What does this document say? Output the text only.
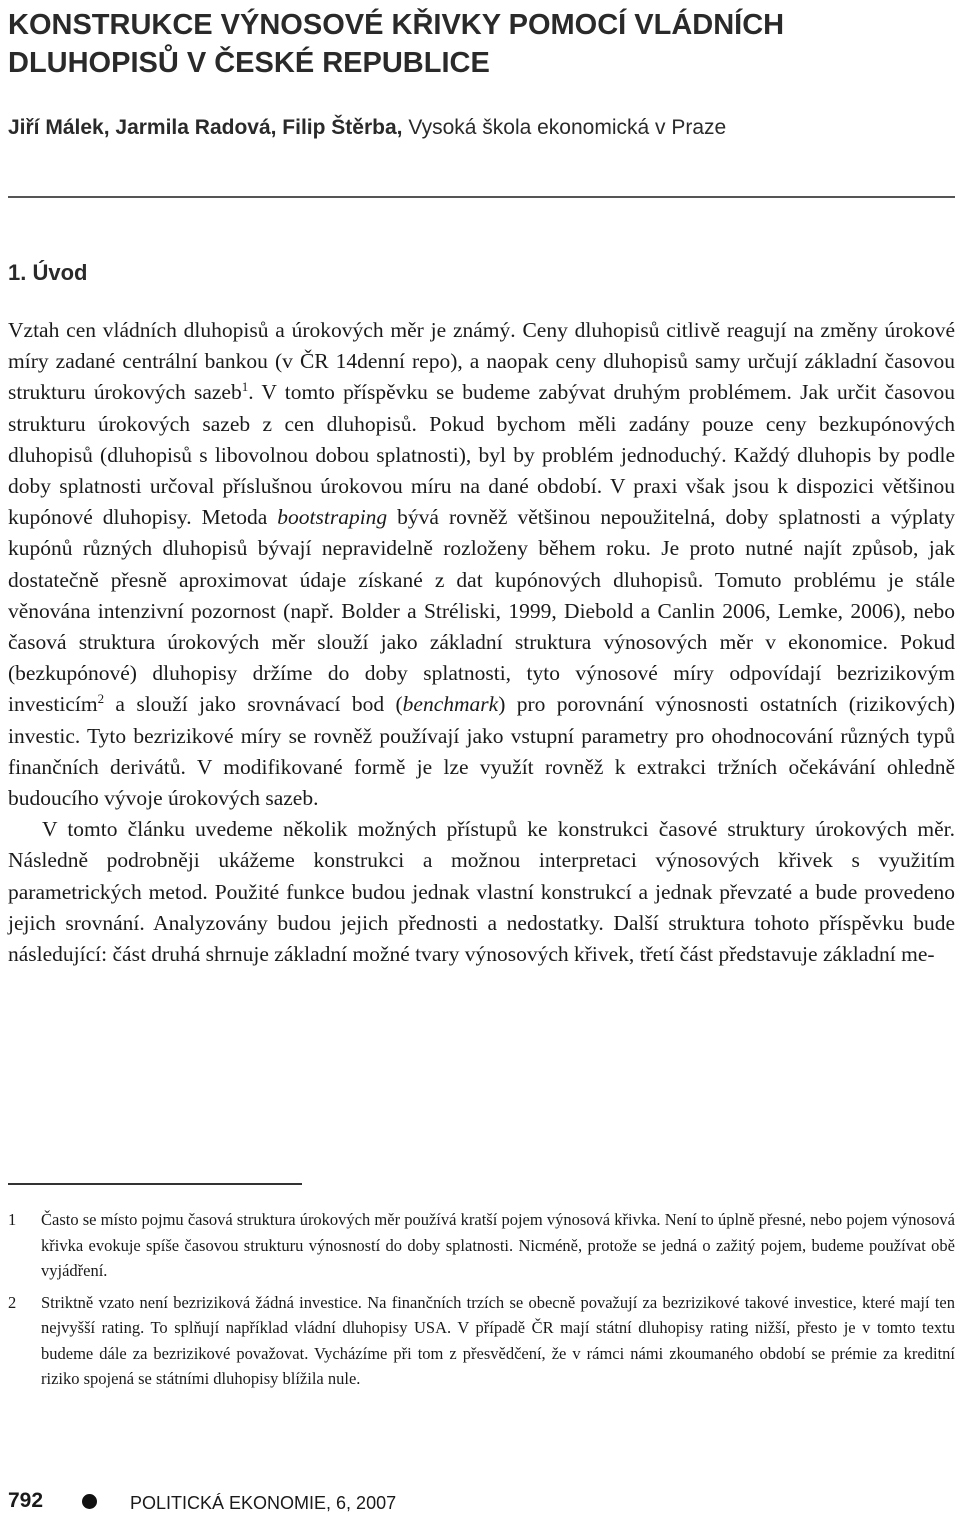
KONSTRUKCE VÝNOSOVÉ KŘIVKY POMOCÍ VLÁDNÍCH
DLUHOPISŮ V ČESKÉ REPUBLICE
Jiří Málek, Jarmila Radová, Filip Štěrba, Vysoká škola ekonomická v Praze
1. Úvod

Vztah cen vládních dluhopisů a úrokových měr je známý. Ceny dluhopisů citlivě reagují na změny úrokové míry zadané centrální bankou (v ČR 14denní repo), a naopak ceny dluhopisů samy určují základní časovou strukturu úrokových sazeb$^1$. V tomto příspěvku se budeme zabývat druhým problémem. Jak určit časovou strukturu úrokových sazeb z cen dluhopisů. Pokud bychom měli zadány pouze ceny bezkupónových dluhopisů (dluhopisů s libovolnou dobou splatnosti), byl by problém jednoduchý. Každý dluhopis by podle doby splatnosti určoval příslušnou úrokovou míru na dané období. V praxi však jsou k dispozici většinou kupónové dluhopisy. Metoda bootstraping bývá rovněž většinou nepoužitelná, doby splatnosti a výplaty kupónů různých dluhopisů bývají nepravidelně rozloženy během roku. Je proto nutné najít způsob, jak dostatečně přesně aproximovat údaje získané z dat kupónových dluhopisů. Tomuto problému je stále věnována intenzivní pozornost (např. Bolder a Stréliski, 1999, Diebold a Canlin 2006, Lemke, 2006), nebo časová struktura úrokových měr slouží jako základní struktura výnosových měr v ekonomice. Pokud (bezkupónové) dluhopisy držíme do doby splatnosti, tyto výnosové míry odpovídají bezrizikovým investicím$^2$ a slouží jako srovnávací bod (benchmark) pro porovnání výnosnosti ostatních (rizikových) investic. Tyto bezrizikové míry se rovněž používají jako vstupní parametry pro ohodnocování různých typů finančních derivátů. V modifikované formě je lze využít rovněž k extrakci tržních očekávání ohledně budoucího vývoje úrokových sazeb.

V tomto článku uvedeme několik možných přístupů ke konstrukci časové struktury úrokových měr. Následně podrobněji ukážeme konstrukci a možnou interpretaci výnosových křivek s využitím parametrických metod. Použité funkce budou jednak vlastní konstrukcí a jednak převzaté a bude provedeno jejich srovnání. Analyzovány budou jejich přednosti a nedostatky. Další struktura tohoto příspěvku bude následující: část druhá shrnuje základní možné tvary výnosových křivek, třetí část představuje základní me-

1 Často se místo pojmu časová struktura úrokových měr používá kratší pojem výnosová křivka. Není to úplně přesné, nebo pojem výnosová křivka evokuje spíše časovou strukturu výnosností do doby splatnosti. Nicméně, protože se jedná o zažitý pojem, budeme používat obě vyjádření.
2 Striktně vzato není bezriziková žádná investice. Na finančních trzích se obecně považují za bezrizikové takové investice, které mají ten nejvyšší rating. To splňují například vládní dluhopisy USA. V případě ČR mají státní dluhopisy rating nižší, přesto je v tomto textu budeme dále za bezrizikové považovat. Vycházíme při tom z přesvědčení, že v rámci námi zkoumaného období se prémie za kreditní riziko spojená se státními dluhopisy blížila nule.
792	POLITICKÁ EKONOMIE, 6, 2007
